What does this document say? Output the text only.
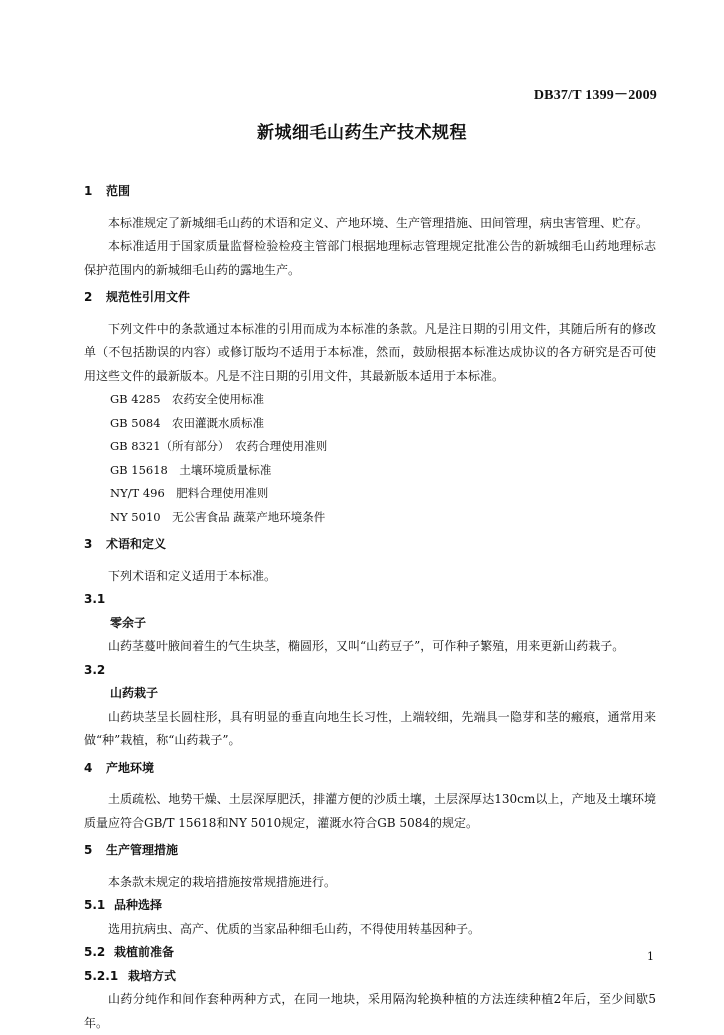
DB37/T 1399－2009
新城细毛山药生产技术规程
1 范围
本标准规定了新城细毛山药的术语和定义、产地环境、生产管理措施、田间管理，病虫害管理、贮存。
本标准适用于国家质量监督检验检疫主管部门根据地理标志管理规定批准公告的新城细毛山药地理标志保护范围内的新城细毛山药的露地生产。
2 规范性引用文件
下列文件中的条款通过本标准的引用而成为本标准的条款。凡是注日期的引用文件，其随后所有的修改单（不包括勘误的内容）或修订版均不适用于本标准，然而，鼓励根据本标准达成协议的各方研究是否可使用这些文件的最新版本。凡是不注日期的引用文件，其最新版本适用于本标准。
GB 4285　农药安全使用标准
GB 5084　农田灌溉水质标准
GB 8321（所有部分）　农药合理使用准则
GB 15618　土壤环境质量标准
NY/T 496　肥料合理使用准则
NY 5010　无公害食品 蔬菜产地环境条件
3 术语和定义
下列术语和定义适用于本标准。
3.1
零余子
山药茎蔓叶腋间着生的气生块茎，椭圆形，又叫“山药豆子”，可作种子繁殖，用来更新山药栽子。
3.2
山药栽子
山药块茎呈长圆柱形，具有明显的垂直向地生长习性，上端较细，先端具一隐芽和茎的瘢痕，通常用来做“种”栽植，称“山药栽子”。
4 产地环境
土质疏松、地势干燥、土层深厚肥沃，排灌方便的沙质土壤，土层深厚达130cm以上，产地及土壤环境质量应符合GB/T 15618和NY 5010规定，灌溉水符合GB 5084的规定。
5 生产管理措施
本条款未规定的栽培措施按常规措施进行。
5.1 品种选择
选用抗病虫、高产、优质的当家品种细毛山药，不得使用转基因种子。
5.2 栽植前准备
5.2.1 栽培方式
山药分纯作和间作套种两种方式，在同一地块，采用隔沟轮换种植的方法连续种植2年后，至少间歇5年。
1
